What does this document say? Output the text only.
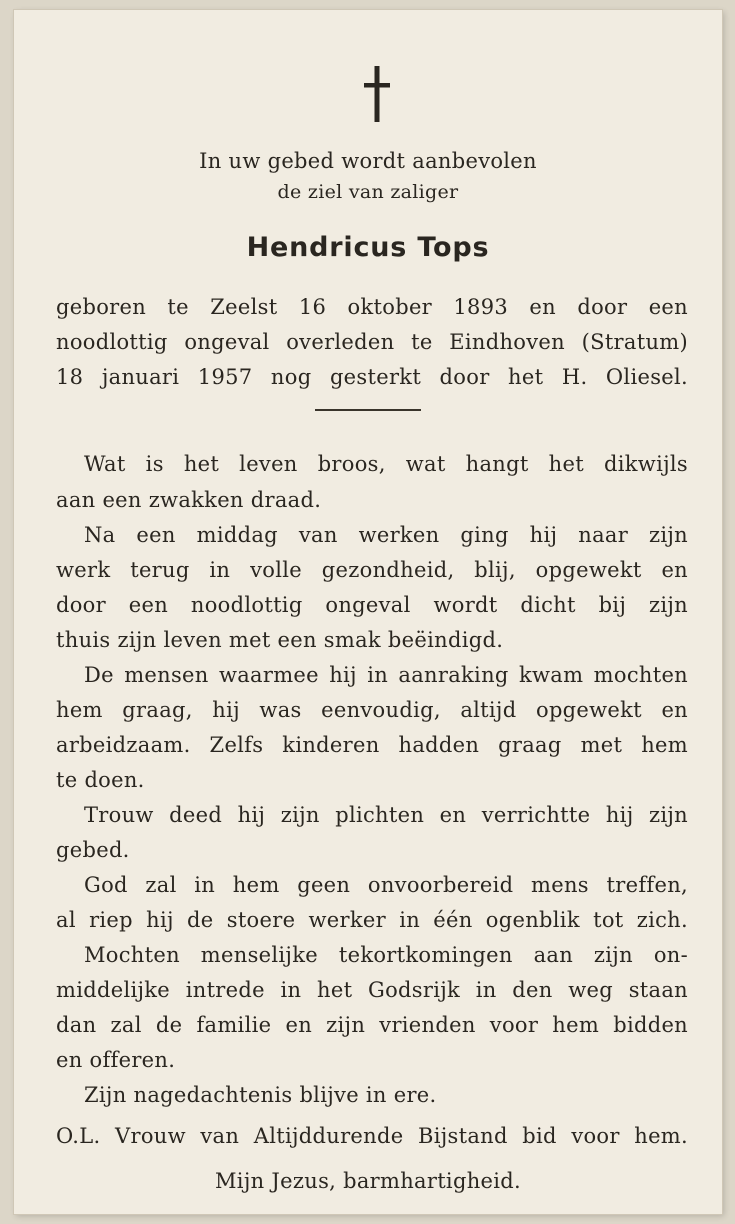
In uw gebed wordt aanbevolen
de ziel van zaliger
Hendricus Tops
geboren te Zeelst 16 oktober 1893 en door een
noodlottig ongeval overleden te Eindhoven (Stratum)
18 januari 1957 nog gesterkt door het H. Oliesel.
Wat is het leven broos, wat hangt het dikwijls
aan een zwakken draad.
Na een middag van werken ging hij naar zijn
werk terug in volle gezondheid, blij, opgewekt en
door een noodlottig ongeval wordt dicht bij zijn
thuis zijn leven met een smak beëindigd.
De mensen waarmee hij in aanraking kwam mochten
hem graag, hij was eenvoudig, altijd opgewekt en
arbeidzaam. Zelfs kinderen hadden graag met hem
te doen.
Trouw deed hij zijn plichten en verrichtte hij zijn
gebed.
God zal in hem geen onvoorbereid mens treffen,
al riep hij de stoere werker in één ogenblik tot zich.
Mochten menselijke tekortkomingen aan zijn on-
middelijke intrede in het Godsrijk in den weg staan
dan zal de familie en zijn vrienden voor hem bidden
en offeren.
Zijn nagedachtenis blijve in ere.
O.L. Vrouw van Altijddurende Bijstand bid voor hem.
Mijn Jezus, barmhartigheid.
